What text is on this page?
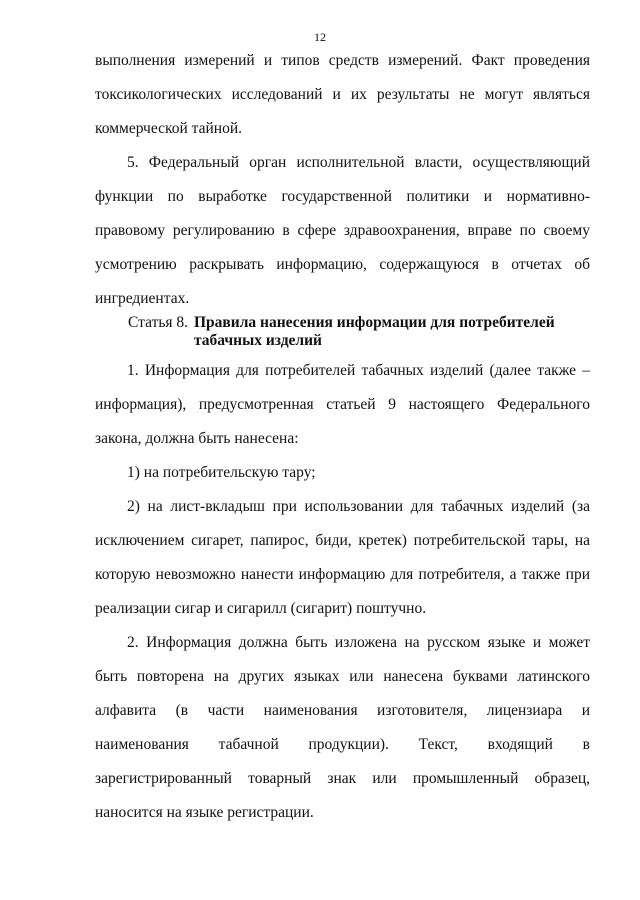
12

выполнения измерений и типов средств измерений. Факт проведения токсикологических исследований и их результаты не могут являться коммерческой тайной.

5. Федеральный орган исполнительной власти, осуществляющий функции по выработке государственной политики и нормативно-правовому регулированию в сфере здравоохранения, вправе по своему усмотрению раскрывать информацию, содержащуюся в отчетах об ингредиентах.

Статья 8. Правила нанесения информации для потребителей табачных изделий

1. Информация для потребителей табачных изделий (далее также – информация), предусмотренная статьей 9 настоящего Федерального закона, должна быть нанесена:

1) на потребительскую тару;

2) на лист-вкладыш при использовании для табачных изделий (за исключением сигарет, папирос, биди, кретек) потребительской тары, на которую невозможно нанести информацию для потребителя, а также при реализации сигар и сигарилл (сигарит) поштучно.

2. Информация должна быть изложена на русском языке и может быть повторена на других языках или нанесена буквами латинского алфавита (в части наименования изготовителя, лицензиара и наименования табачной продукции). Текст, входящий в зарегистрированный товарный знак или промышленный образец, наносится на языке регистрации.
